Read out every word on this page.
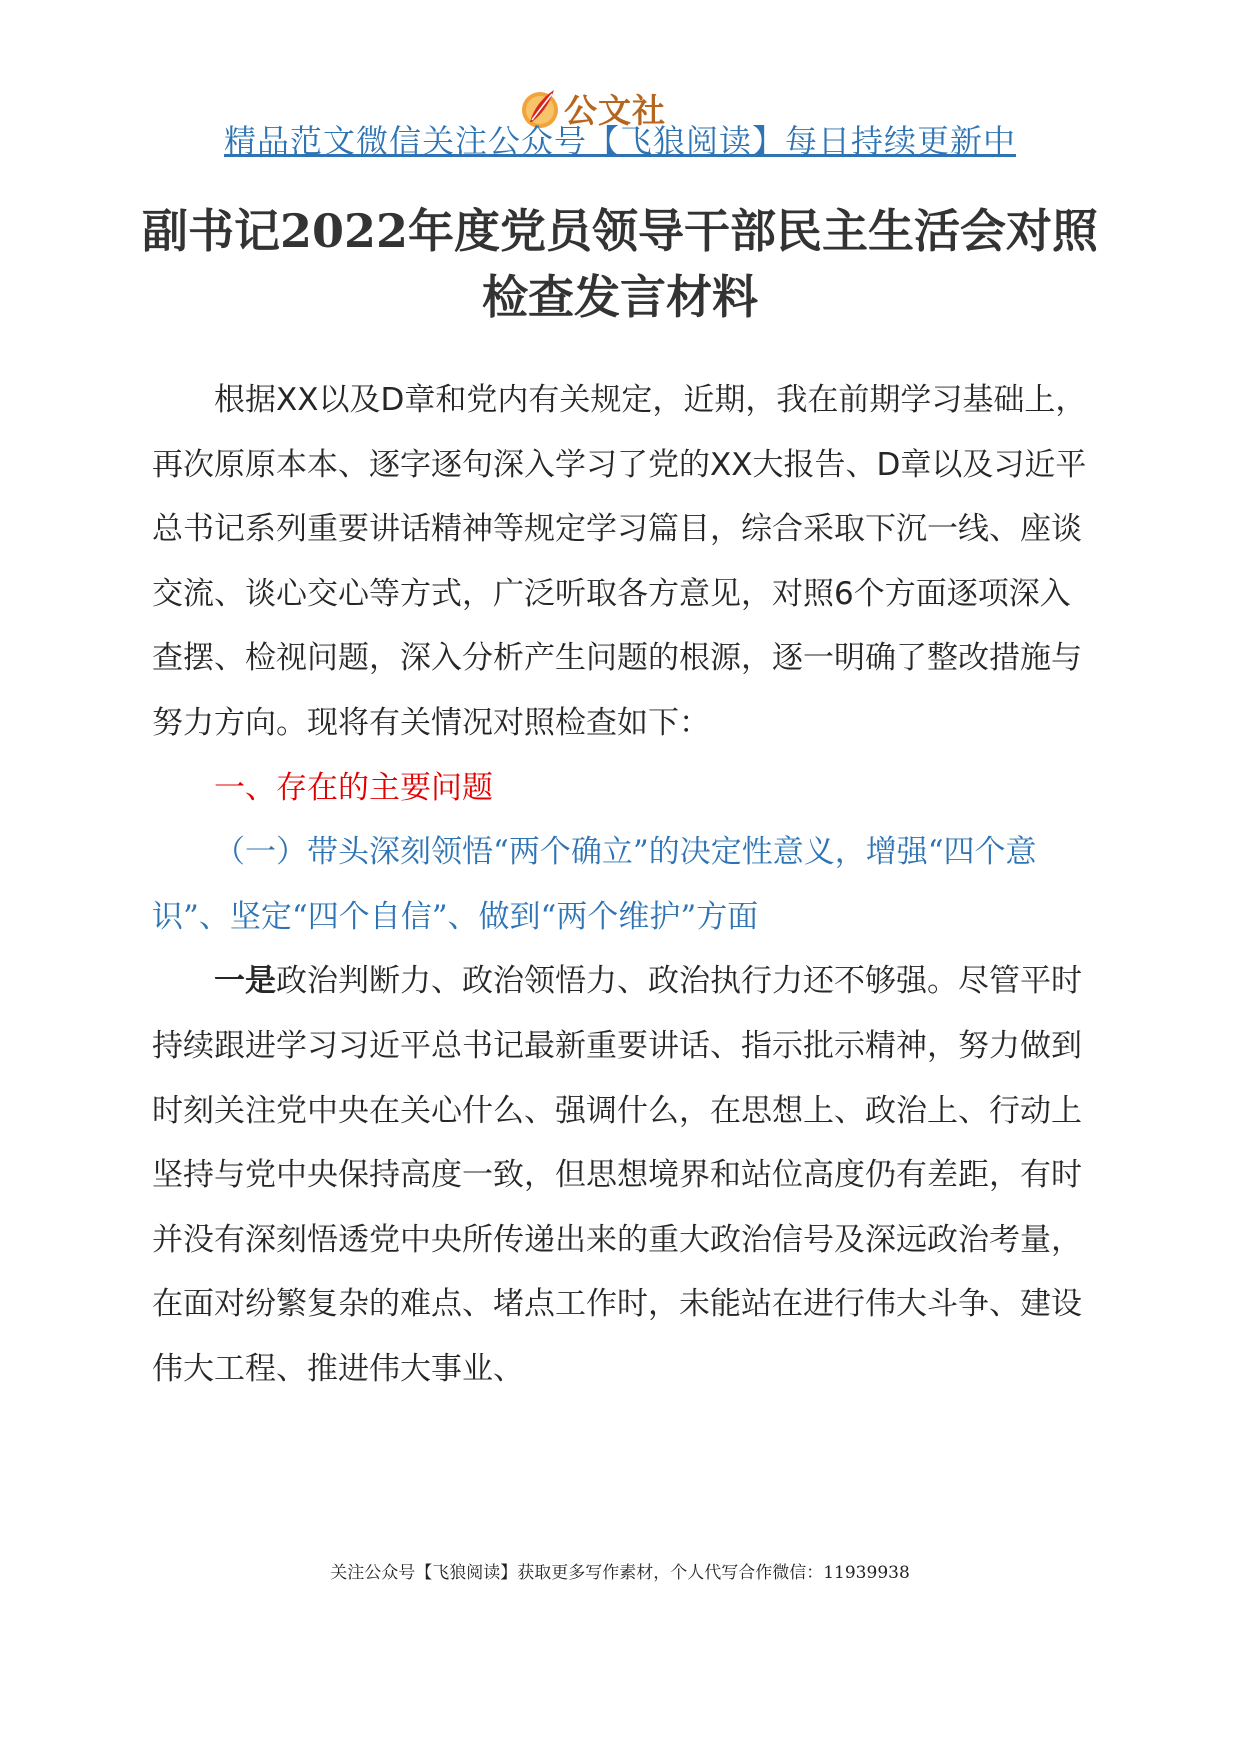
公文社
精品范文微信关注公众号【飞狼阅读】每日持续更新中
副书记2022年度党员领导干部民主生活会对照检查发言材料

根据XX以及D章和党内有关规定，近期，我在前期学习基础上，再次原原本本、逐字逐句深入学习了党的XX大报告、D章以及习近平总书记系列重要讲话精神等规定学习篇目，综合采取下沉一线、座谈交流、谈心交心等方式，广泛听取各方意见，对照6个方面逐项深入查摆、检视问题，深入分析产生问题的根源，逐一明确了整改措施与努力方向。现将有关情况对照检查如下：

一、存在的主要问题

（一）带头深刻领悟“两个确立”的决定性意义，增强“四个意识”、坚定“四个自信”、做到“两个维护”方面

一是政治判断力、政治领悟力、政治执行力还不够强。尽管平时持续跟进学习习近平总书记最新重要讲话、指示批示精神，努力做到时刻关注党中央在关心什么、强调什么，在思想上、政治上、行动上坚持与党中央保持高度一致，但思想境界和站位高度仍有差距，有时并没有深刻悟透党中央所传递出来的重大政治信号及深远政治考量，在面对纷繁复杂的难点、堵点工作时，未能站在进行伟大斗争、建设伟大工程、推进伟大事业、

关注公众号【飞狼阅读】获取更多写作素材，个人代写合作微信：11939938
